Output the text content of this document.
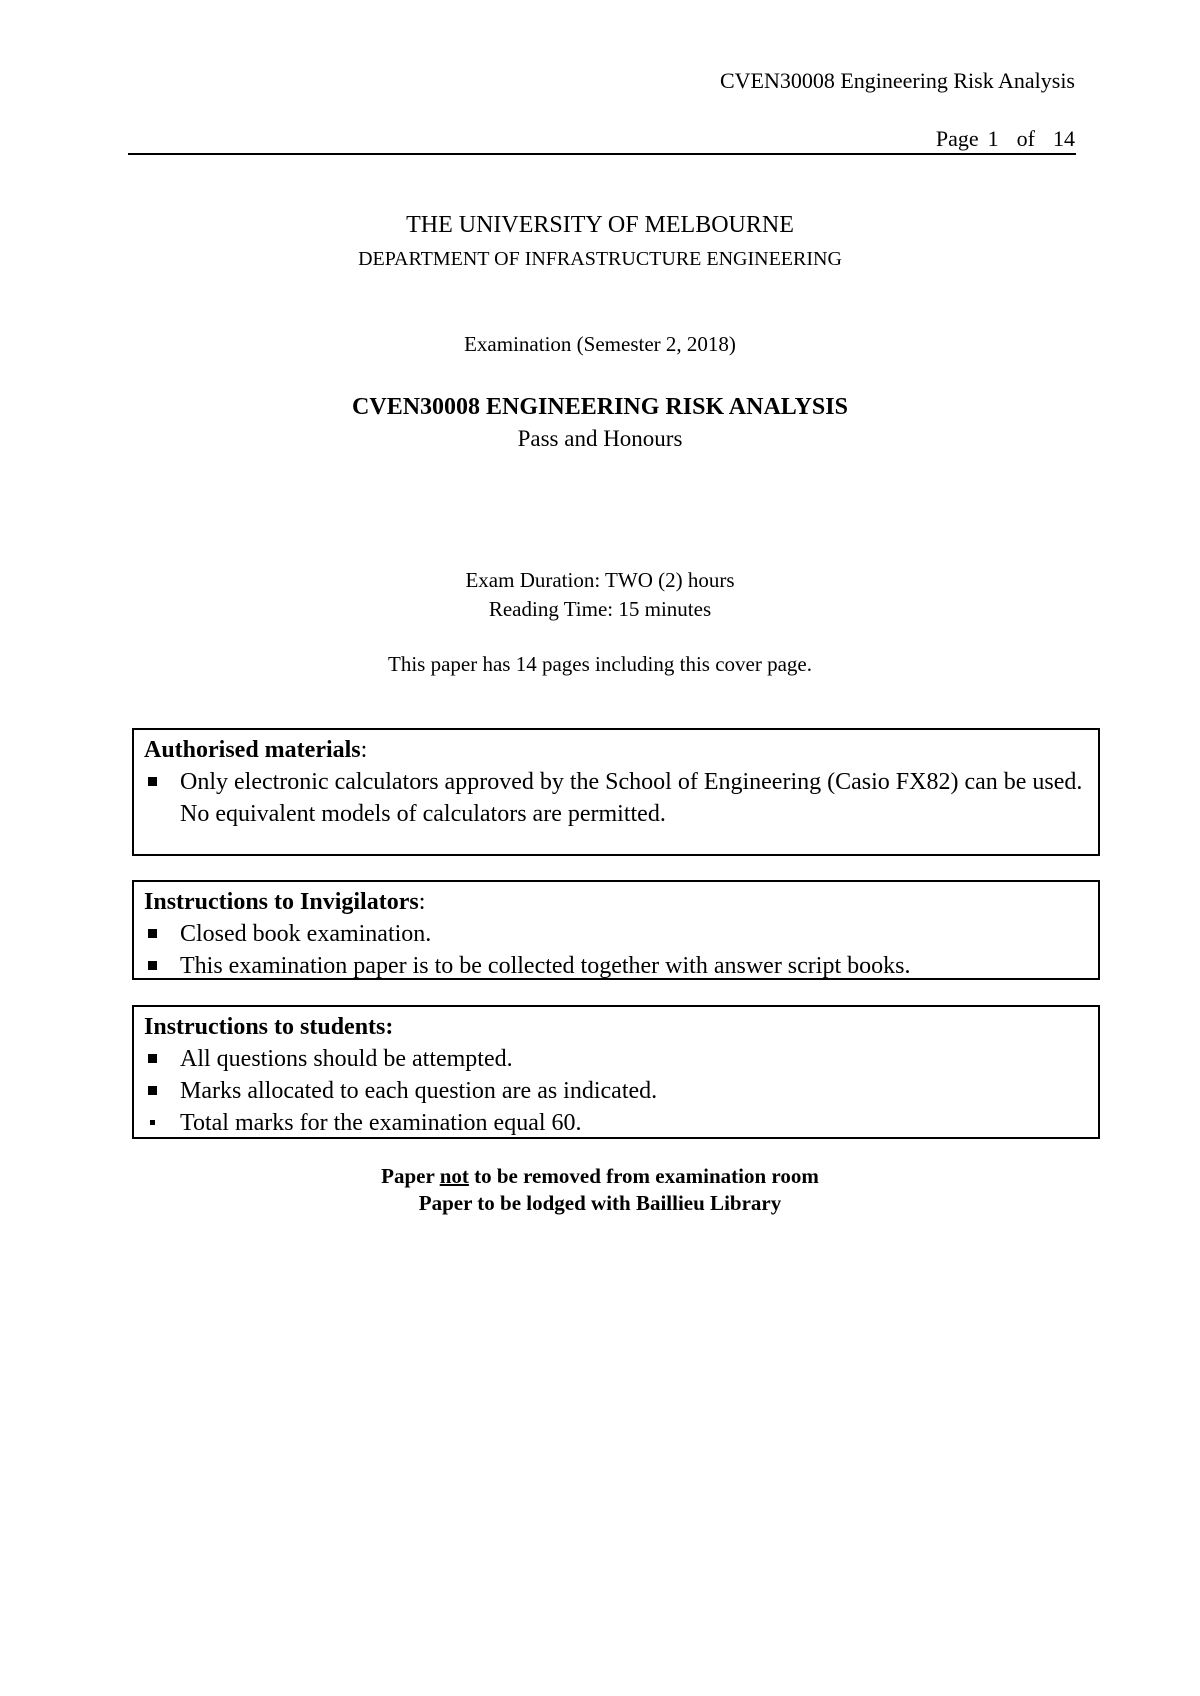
CVEN30008 Engineering Risk Analysis
Page 1 of 14
THE UNIVERSITY OF MELBOURNE
DEPARTMENT OF INFRASTRUCTURE ENGINEERING
Examination (Semester 2, 2018)
CVEN30008 ENGINEERING RISK ANALYSIS
Pass and Honours
Exam Duration: TWO (2) hours
Reading Time: 15 minutes
This paper has 14 pages including this cover page.
Authorised materials:
Only electronic calculators approved by the School of Engineering (Casio FX82) can be used. No equivalent models of calculators are permitted.
Instructions to Invigilators:
Closed book examination.
This examination paper is to be collected together with answer script books.
Instructions to students:
All questions should be attempted.
Marks allocated to each question are as indicated.
Total marks for the examination equal 60.
Paper not to be removed from examination room
Paper to be lodged with Baillieu Library
